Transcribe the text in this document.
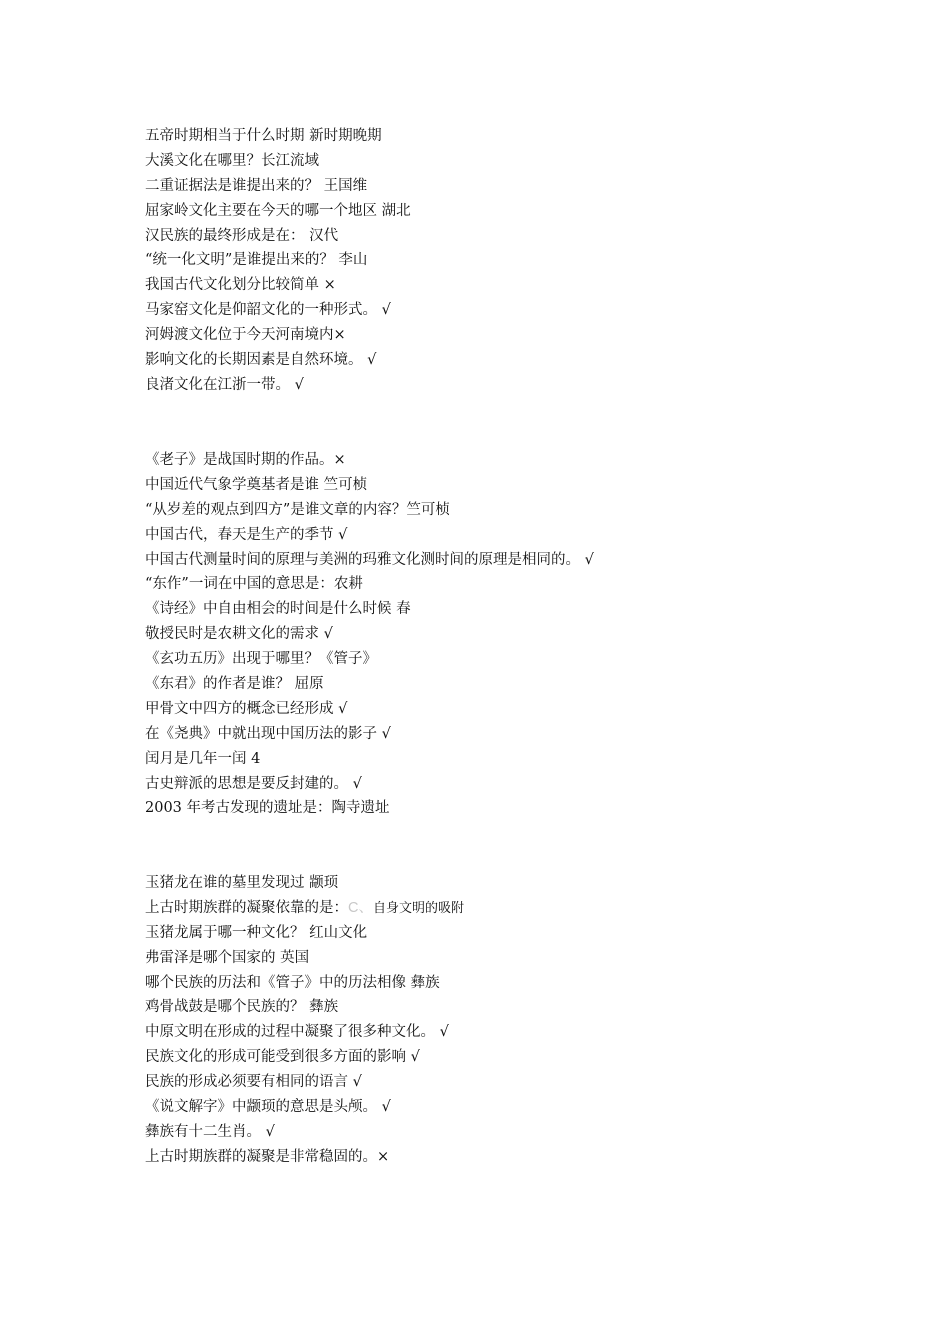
五帝时期相当于什么时期 新时期晚期
大溪文化在哪里？长江流域
二重证据法是谁提出来的？ 王国维
屈家岭文化主要在今天的哪一个地区 湖北
汉民族的最终形成是在： 汉代
“统一化文明”是谁提出来的？ 李山
我国古代文化划分比较简单 ×
马家窑文化是仰韶文化的一种形式。 √
河姆渡文化位于今天河南境内×
影响文化的长期因素是自然环境。 √
良渚文化在江浙一带。 √
《老子》是战国时期的作品。×
中国近代气象学奠基者是谁 竺可桢
“从岁差的观点到四方”是谁文章的内容？竺可桢
中国古代，春天是生产的季节 √
中国古代测量时间的原理与美洲的玛雅文化测时间的原理是相同的。 √
“东作”一词在中国的意思是：农耕
《诗经》中自由相会的时间是什么时候 春
敬授民时是农耕文化的需求 √
《玄功五历》出现于哪里？《管子》
《东君》的作者是谁？ 屈原
甲骨文中四方的概念已经形成 √
在《尧典》中就出现中国历法的影子 √
闰月是几年一闰 4
古史辩派的思想是要反封建的。 √
2003 年考古发现的遗址是：陶寺遗址
玉猪龙在谁的墓里发现过 颛顼
上古时期族群的凝聚依靠的是：C、自身文明的吸附
玉猪龙属于哪一种文化？ 红山文化
弗雷泽是哪个国家的 英国
哪个民族的历法和《管子》中的历法相像 彝族
鸡骨战鼓是哪个民族的？ 彝族
中原文明在形成的过程中凝聚了很多种文化。 √
民族文化的形成可能受到很多方面的影响 √
民族的形成必须要有相同的语言 √
《说文解字》中颛顼的意思是头颅。 √
彝族有十二生肖。 √
上古时期族群的凝聚是非常稳固的。×
